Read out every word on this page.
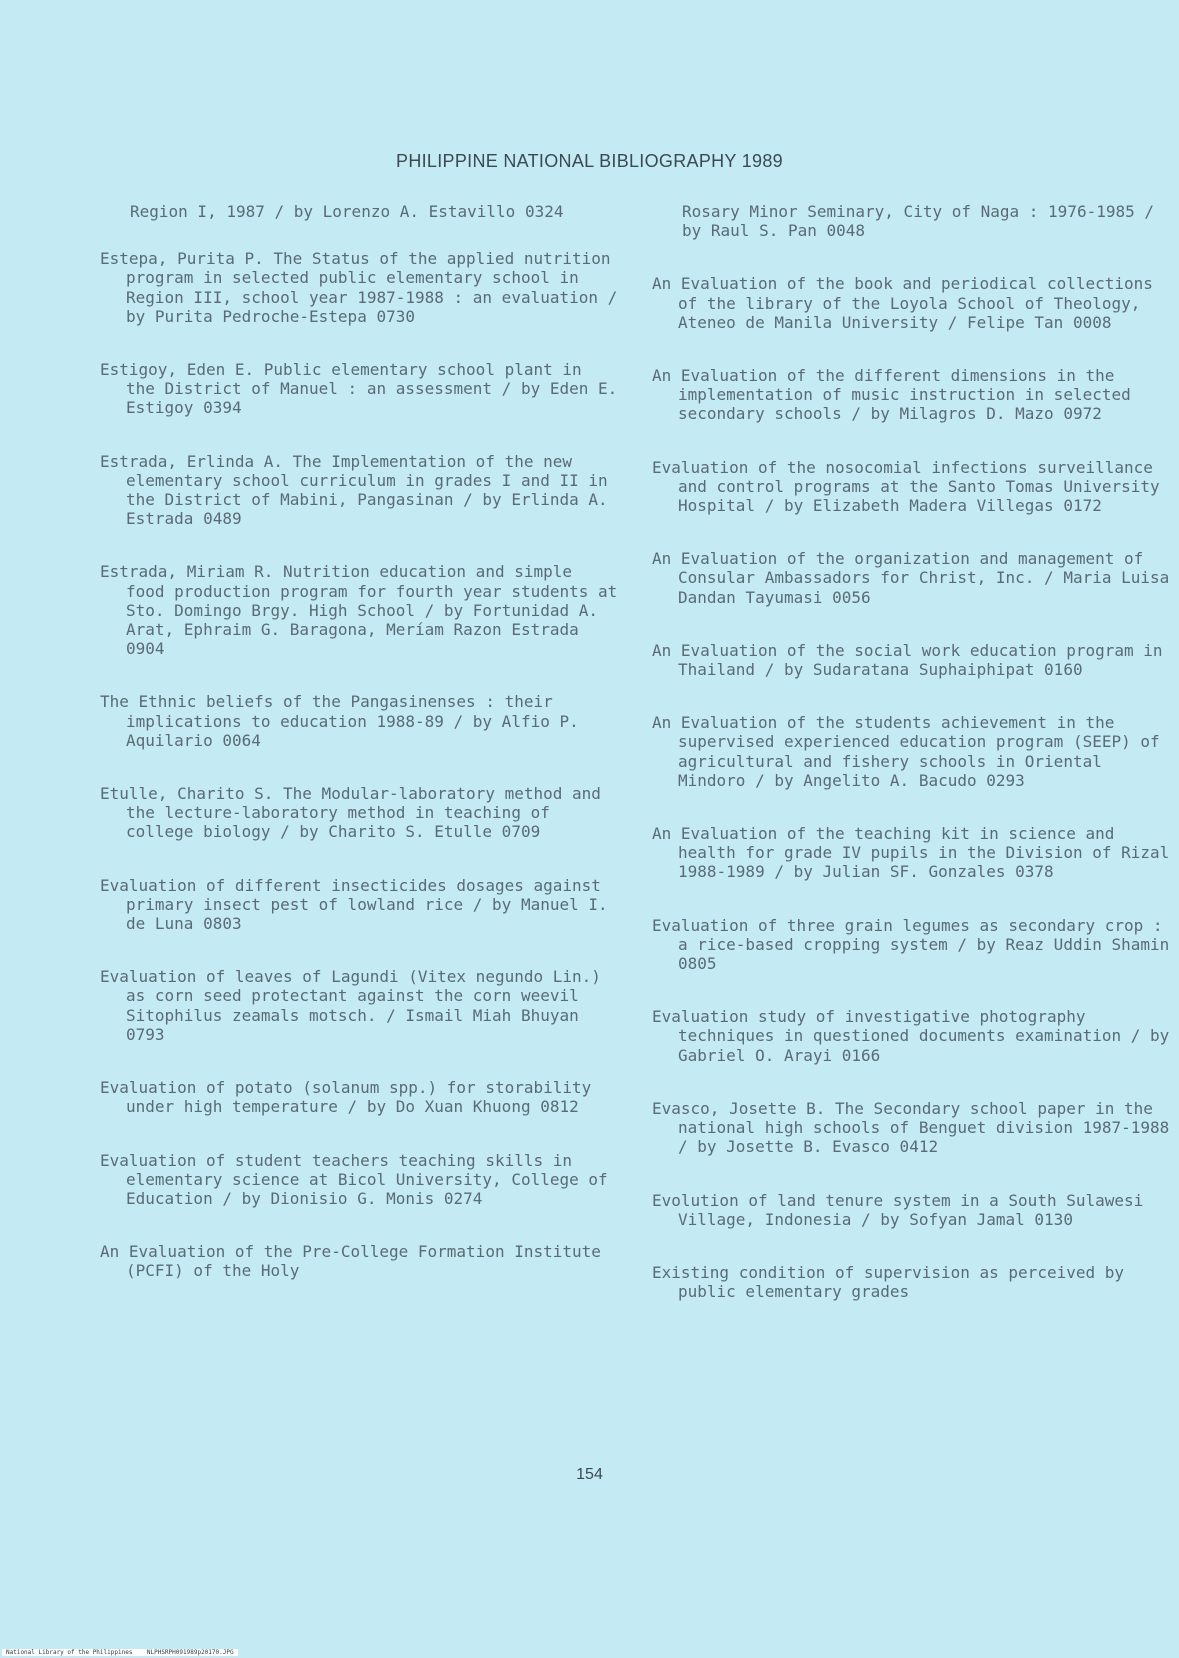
PHILIPPINE NATIONAL BIBLIOGRAPHY 1989

Region I, 1987 / by Lorenzo A. Estavillo 0324

Estepa, Purita P. The Status of the applied nutrition program in selected public elementary school in Region III, school year 1987-1988 : an evaluation / by Purita Pedroche-Estepa 0730

Estigoy, Eden E. Public elementary school plant in the District of Manuel : an assessment / by Eden E. Estigoy 0394

Estrada, Erlinda A. The Implementation of the new elementary school curriculum in grades I and II in the District of Mabini, Pangasinan / by Erlinda A. Estrada 0489

Estrada, Miriam R. Nutrition education and simple food production program for fourth year students at Sto. Domingo Brgy. High School / by Fortunidad A. Arat, Ephraim G. Baragona, Meríam Razon Estrada 0904

The Ethnic beliefs of the Pangasinenses : their implications to education 1988-89 / by Alfio P. Aquilario 0064

Etulle, Charito S. The Modular-laboratory method and the lecture-laboratory method in teaching of college biology / by Charito S. Etulle 0709

Evaluation of different insecticides dosages against primary insect pest of lowland rice / by Manuel I. de Luna 0803

Evaluation of leaves of Lagundi (Vitex negundo Lin.) as corn seed protectant against the corn weevil Sitophilus zeamals motsch. / Ismail Miah Bhuyan 0793

Evaluation of potato (solanum spp.) for storability under high temperature / by Do Xuan Khuong 0812

Evaluation of student teachers teaching skills in elementary science at Bicol University, College of Education / by Dionisio G. Monis 0274

An Evaluation of the Pre-College Formation Institute (PCFI) of the Holy

Rosary Minor Seminary, City of Naga : 1976-1985 / by Raul S. Pan 0048

An Evaluation of the book and periodical collections of the library of the Loyola School of Theology, Ateneo de Manila University / Felipe Tan 0008

An Evaluation of the different dimensions in the implementation of music instruction in selected secondary schools / by Milagros D. Mazo 0972

Evaluation of the nosocomial infections surveillance and control programs at the Santo Tomas University Hospital / by Elizabeth Madera Villegas 0172

An Evaluation of the organization and management of Consular Ambassadors for Christ, Inc. / Maria Luisa Dandan Tayumasi 0056

An Evaluation of the social work education program in Thailand / by Sudaratana Suphaiphipat 0160

An Evaluation of the students achievement in the supervised experienced education program (SEEP) of agricultural and fishery schools in Oriental Mindoro / by Angelito A. Bacudo 0293

An Evaluation of the teaching kit in science and health for grade IV pupils in the Division of Rizal 1988-1989 / by Julian SF. Gonzales 0378

Evaluation of three grain legumes as secondary crop : a rice-based cropping system / by Reaz Uddin Shamin 0805

Evaluation study of investigative photography techniques in questioned documents examination / by Gabriel O. Arayi 0166

Evasco, Josette B. The Secondary school paper in the national high schools of Benguet division 1987-1988 / by Josette B. Evasco 0412

Evolution of land tenure system in a South Sulawesi Village, Indonesia / by Sofyan Jamal 0130

Existing condition of supervision as perceived by public elementary grades

154
National Library of the Philippines    NLPHSRPH091989p20170.JPG
